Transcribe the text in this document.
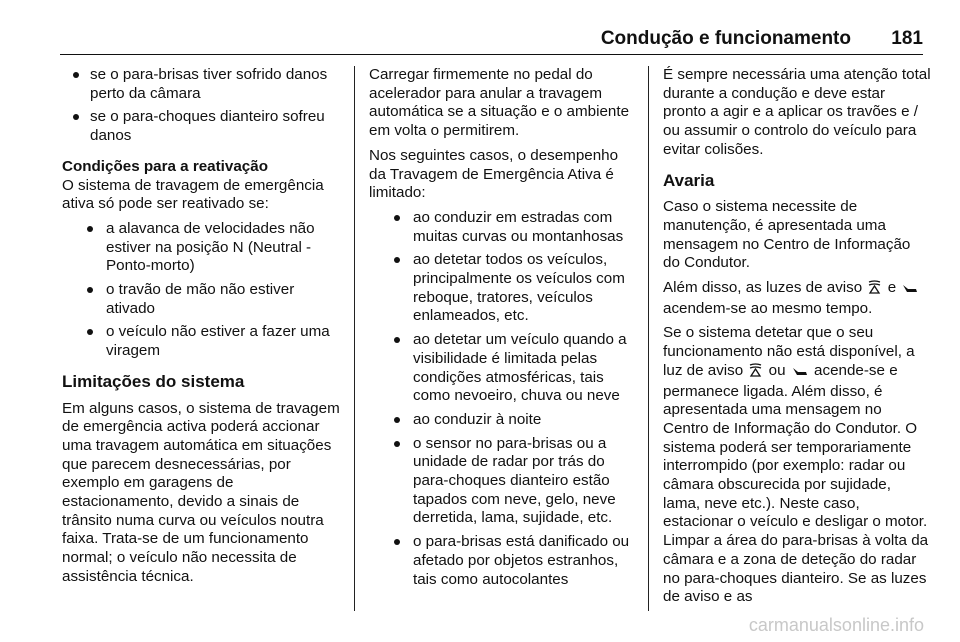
Condução e funcionamento 181
se o para-brisas tiver sofrido danos perto da câmara
se o para-choques dianteiro sofreu danos

Condições para a reativação

O sistema de travagem de emergência ativa só pode ser reativado se:

a alavanca de velocidades não estiver na posição N (Neutral - Ponto-morto)
o travão de mão não estiver ativado
o veículo não estiver a fazer uma viragem
Limitações do sistema

Em alguns casos, o sistema de travagem de emergência activa poderá accionar uma travagem automática em situações que parecem desnecessárias, por exemplo em garagens de estacionamento, devido a sinais de trânsito numa curva ou veículos noutra faixa. Trata-se de um funcionamento normal; o veículo não necessita de assistência técnica.

Carregar firmemente no pedal do acelerador para anular a travagem automática se a situação e o ambiente em volta o permitirem.

Nos seguintes casos, o desempenho da Travagem de Emergência Ativa é limitado:

ao conduzir em estradas com muitas curvas ou montanhosas
ao detetar todos os veículos, principalmente os veículos com reboque, tratores, veículos enlameados, etc.
ao detetar um veículo quando a visibilidade é limitada pelas condições atmosféricas, tais como nevoeiro, chuva ou neve
ao conduzir à noite
o sensor no para-brisas ou a unidade de radar por trás do para-choques dianteiro estão tapados com neve, gelo, neve derretida, lama, sujidade, etc.
o para-brisas está danificado ou afetado por objetos estranhos, tais como autocolantes

É sempre necessária uma atenção total durante a condução e deve estar pronto a agir e a aplicar os travões e / ou assumir o controlo do veículo para evitar colisões.

Avaria

Caso o sistema necessite de manutenção, é apresentada uma mensagem no Centro de Informação do Condutor.

Além disso, as luzes de aviso e  acendem-se ao mesmo tempo.

Se o sistema detetar que o seu funcionamento não está disponível, a luz de aviso ou acende-se e permanece ligada. Além disso, é apresentada uma mensagem no Centro de Informação do Condutor. O sistema poderá ser temporariamente interrompido (por exemplo: radar ou câmara obscurecida por sujidade, lama, neve etc.). Neste caso, estacionar o veículo e desligar o motor. Limpar a área do para-brisas à volta da câmara e a zona de deteção do radar no para-choques dianteiro. Se as luzes de aviso e as

carmanualsonline.info
